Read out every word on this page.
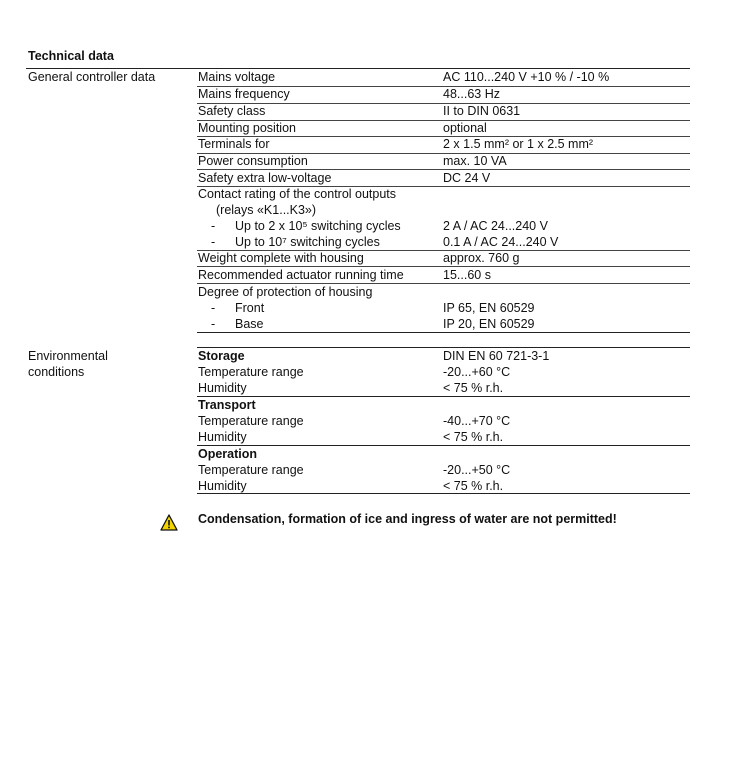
Technical data
General controller data	Mains voltage	AC 110...240 V +10 % / -10 %
Mains frequency	48...63 Hz
Safety class	II to DIN 0631
Mounting position	optional
Terminals for	2 x 1.5 mm² or 1 x 2.5 mm²
Power consumption	max. 10 VA
Safety extra low-voltage	DC 24 V
Contact rating of the control outputs
(relays «K1...K3»)
- Up to 2 x 10⁵ switching cycles	2 A / AC 24...240 V
- Up to 10⁷ switching cycles	0.1 A / AC 24...240 V
Weight complete with housing	approx. 760 g
Recommended actuator running time	15...60 s
Degree of protection of housing
- Front	IP 65, EN 60529
- Base	IP 20, EN 60529
Environmental
conditions
Storage	DIN EN 60 721-3-1
Temperature range	-20...+60 °C
Humidity	< 75 % r.h.
Transport
Temperature range	-40...+70 °C
Humidity	< 75 % r.h.
Operation
Temperature range	-20...+50 °C
Humidity	< 75 % r.h.
Condensation, formation of ice and ingress of water are not permitted!
